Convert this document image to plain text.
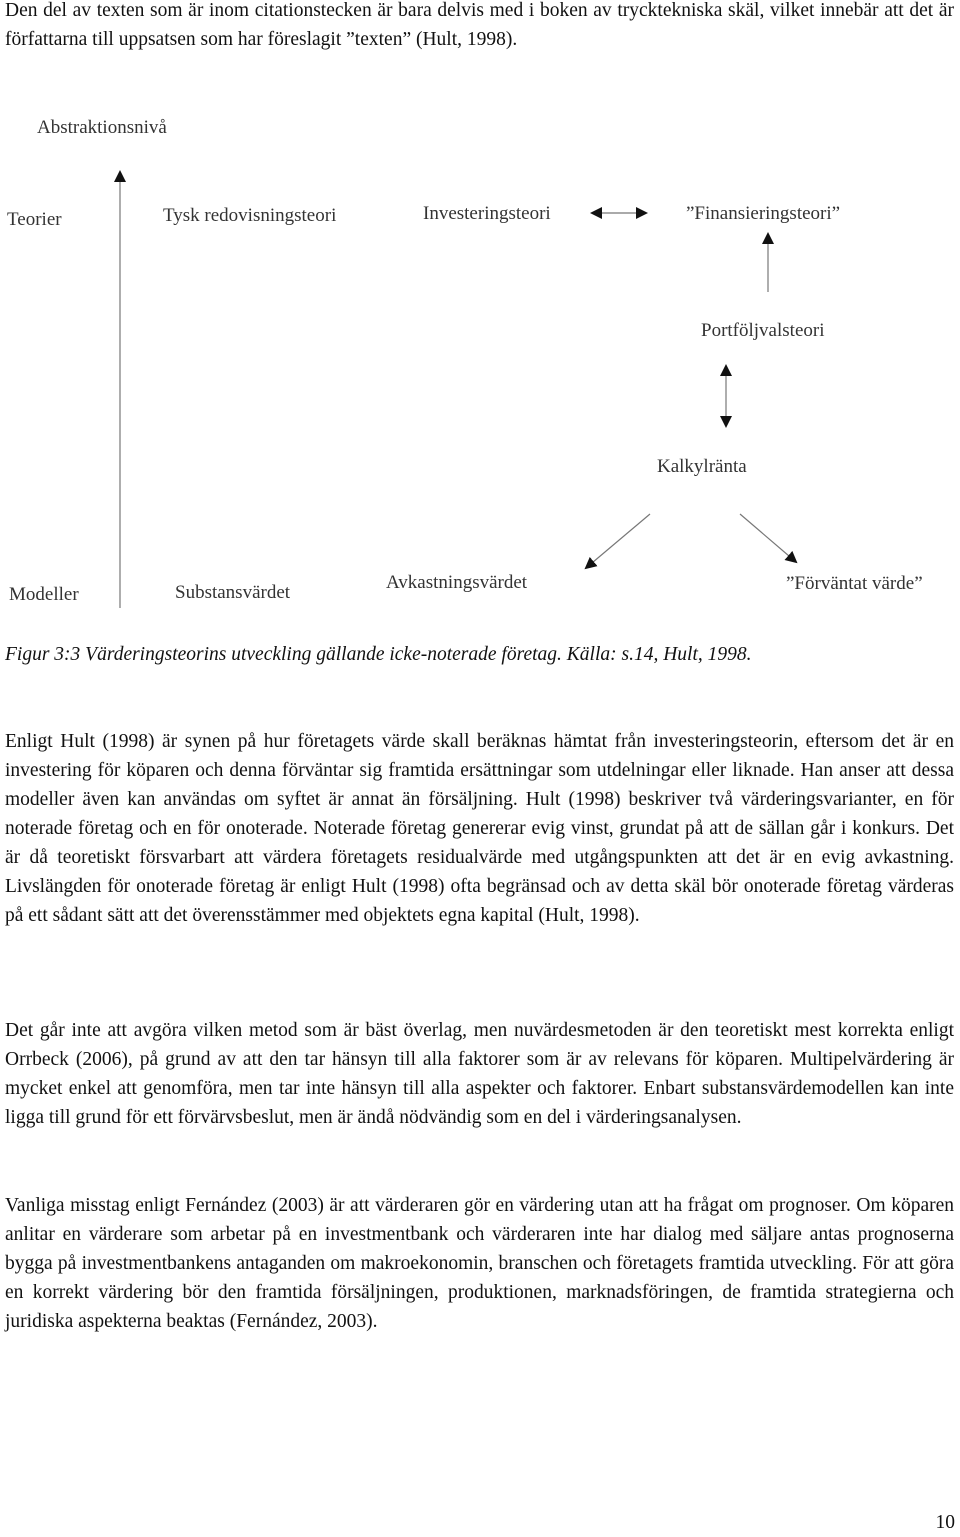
Den del av texten som är inom citationstecken är bara delvis med i boken av trycktekniska skäl, vilket innebär att det är författarna till uppsatsen som har föreslagit ”texten” (Hult, 1998).

Abstraktionsnivå
Teorier	Tysk redovisningsteori	Investeringsteori	”Finansieringsteori”
Portföljvalsteori
Kalkylränta
Modeller	Substansvärdet	Avkastningsvärdet	”Förväntat värde”

Figur 3:3 Värderingsteorins utveckling gällande icke-noterade företag. Källa: s.14, Hult, 1998.

Enligt Hult (1998) är synen på hur företagets värde skall beräknas hämtat från investeringsteorin, eftersom det är en investering för köparen och denna förväntar sig framtida ersättningar som utdelningar eller liknade. Han anser att dessa modeller även kan användas om syftet är annat än försäljning. Hult (1998) beskriver två värderingsvarianter, en för noterade företag och en för onoterade. Noterade företag genererar evig vinst, grundat på att de sällan går i konkurs. Det är då teoretiskt försvarbart att värdera företagets residualvärde med utgångspunkten att det är en evig avkastning. Livslängden för onoterade företag är enligt Hult (1998) ofta begränsad och av detta skäl bör onoterade företag värderas på ett sådant sätt att det överensstämmer med objektets egna kapital (Hult, 1998).

Det går inte att avgöra vilken metod som är bäst överlag, men nuvärdesmetoden är den teoretiskt mest korrekta enligt Orrbeck (2006), på grund av att den tar hänsyn till alla faktorer som är av relevans för köparen. Multipelvärdering är mycket enkel att genomföra, men tar inte hänsyn till alla aspekter och faktorer. Enbart substansvärdemodellen kan inte ligga till grund för ett förvärvsbeslut, men är ändå nödvändig som en del i värderingsanalysen.

Vanliga misstag enligt Fernández (2003) är att värderaren gör en värdering utan att ha frågat om prognoser. Om köparen anlitar en värderare som arbetar på en investmentbank och värderaren inte har dialog med säljare antas prognoserna bygga på investmentbankens antaganden om makroekonomin, branschen och företagets framtida utveckling. För att göra en korrekt värdering bör den framtida försäljningen, produktionen, marknadsföringen, de framtida strategierna och juridiska aspekterna beaktas (Fernández, 2003).

10
